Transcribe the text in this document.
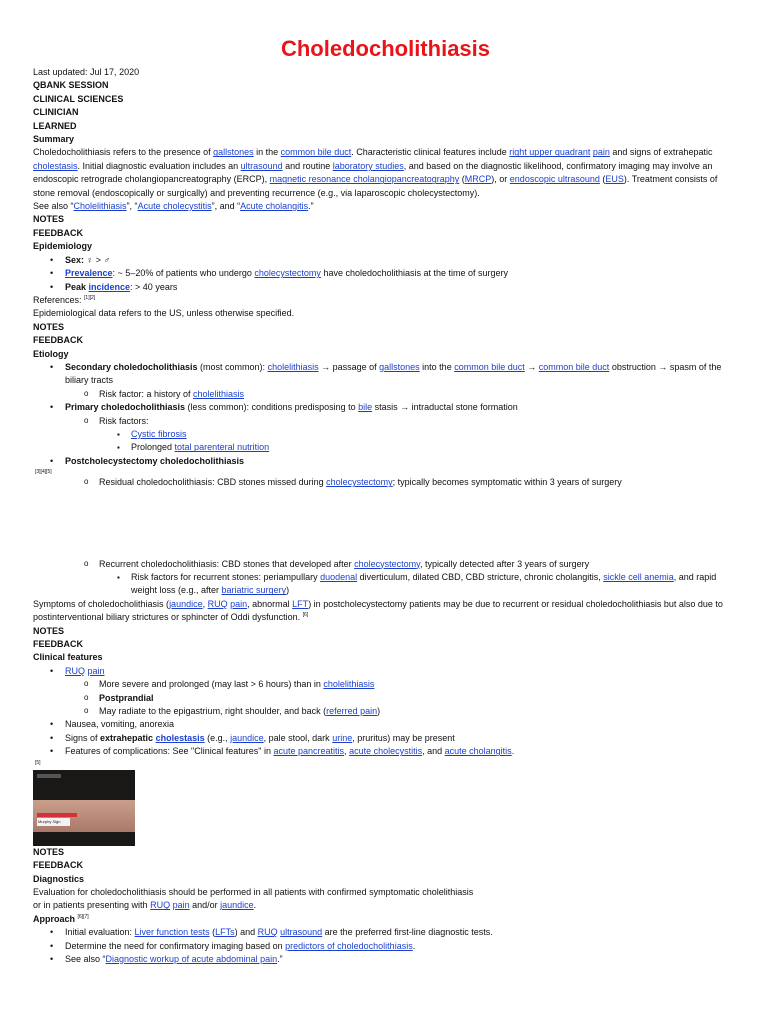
Choledocholithiasis
Last updated: Jul 17, 2020
QBANK SESSION
CLINICAL SCIENCES
CLINICIAN
LEARNED
Summary
Choledocholithiasis refers to the presence of gallstones in the common bile duct. Characteristic clinical features include right upper quadrant pain and signs of extrahepatic cholestasis. Initial diagnostic evaluation includes an ultrasound and routine laboratory studies, and based on the diagnostic likelihood, confirmatory imaging may involve an endoscopic retrograde cholangiopancreatography (ERCP), magnetic resonance cholangiopancreatography (MRCP), or endoscopic ultrasound (EUS). Treatment consists of stone removal (endoscopically or surgically) and preventing recurrence (e.g., via laparoscopic cholecystectomy).
See also “Cholelithiasis”, “Acute cholecystitis”, and “Acute cholangitis.”
NOTES
FEEDBACK
Epidemiology
• Sex: ♀ > ♂
• Prevalence: ~ 5–20% of patients who undergo cholecystectomy have choledocholithiasis at the time of surgery
• Peak incidence: > 40 years
References: [1][2]
Epidemiological data refers to the US, unless otherwise specified.
NOTES
FEEDBACK
Etiology
• Secondary choledocholithiasis (most common): cholelithiasis → passage of gallstones into the common bile duct → common bile duct obstruction → spasm of the biliary tracts
o Risk factor: a history of cholelithiasis
• Primary choledocholithiasis (less common): conditions predisposing to bile stasis → intraductal stone formation
o Risk factors:
▪ Cystic fibrosis
▪ Prolonged total parenteral nutrition
• Postcholecystectomy choledocholithiasis
[3][4][5]
o Residual choledocholithiasis: CBD stones missed during cholecystectomy; typically becomes symptomatic within 3 years of surgery
o Recurrent choledocholithiasis: CBD stones that developed after cholecystectomy, typically detected after 3 years of surgery
▪ Risk factors for recurrent stones: periampullary duodenal diverticulum, dilated CBD, CBD stricture, chronic cholangitis, sickle cell anemia, and rapid weight loss (e.g., after bariatric surgery)
Symptoms of choledocholithiasis (jaundice, RUQ pain, abnormal LFT) in postcholecystectomy patients may be due to recurrent or residual choledocholithiasis but also due to postinterventional biliary strictures or sphincter of Oddi dysfunction. [6]
NOTES
FEEDBACK
Clinical features
• RUQ pain
o More severe and prolonged (may last > 6 hours) than in cholelithiasis
o Postprandial
o May radiate to the epigastrium, right shoulder, and back (referred pain)
• Nausea, vomiting, anorexia
• Signs of extrahepatic cholestasis (e.g., jaundice, pale stool, dark urine, pruritus) may be present
• Features of complications: See "Clinical features" in acute pancreatitis, acute cholecystitis, and acute cholangitis.
[5]
Murphy Sign
NOTES
FEEDBACK
Diagnostics
Evaluation for choledocholithiasis should be performed in all patients with confirmed symptomatic cholelithiasis
or in patients presenting with RUQ pain and/or jaundice.
Approach [6][7]
• Initial evaluation: Liver function tests (LFTs) and RUQ ultrasound are the preferred first-line diagnostic tests.
• Determine the need for confirmatory imaging based on predictors of choledocholithiasis.
• See also “Diagnostic workup of acute abdominal pain.”
